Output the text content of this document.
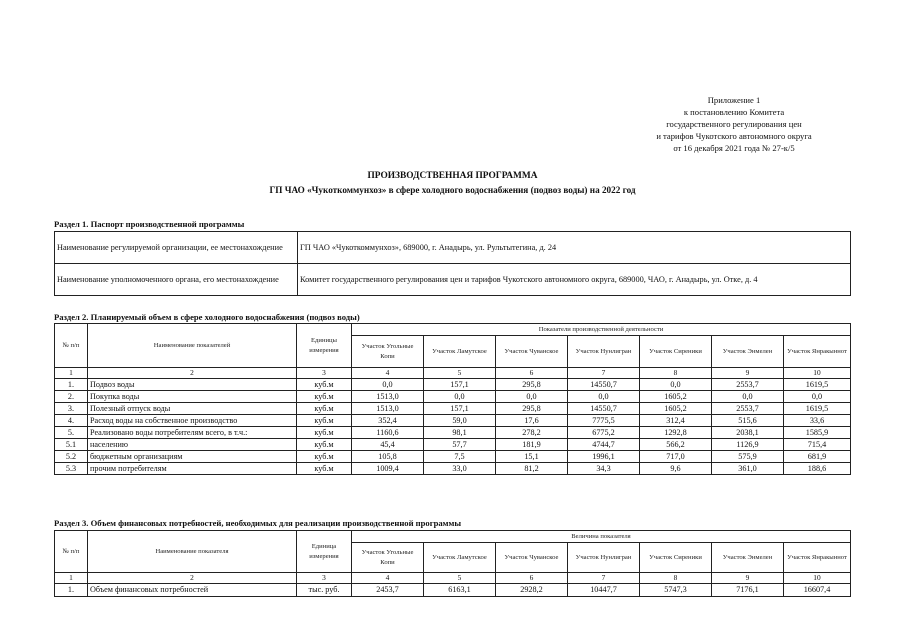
Приложение 1
к постановлению Комитета
государственного регулирования цен
и тарифов Чукотского автономного округа
от 16 декабря 2021 года № 27-к/5
ПРОИЗВОДСТВЕННАЯ ПРОГРАММА
ГП ЧАО «Чукоткоммунхоз» в сфере холодного водоснабжения (подвоз воды) на 2022 год
Раздел 1. Паспорт производственной программы
Наименование регулируемой организации, ее местонахождение	ГП ЧАО «Чукоткоммунхоз», 689000, г. Анадырь, ул. Рультытегина, д. 24
Наименование уполномоченного органа, его местонахождение	Комитет государственного регулирования цен и тарифов Чукотского автономного округа, 689000, ЧАО, г. Анадырь, ул. Отке, д. 4
Раздел 2. Планируемый объем в сфере холодного водоснабжения (подвоз воды)
№ п/п	Наименование показателей	Единицы измерения	Показатели производственной деятельности						
			Участок Угольные Копи	Участок Ламутское	Участок Чуванское	Участок Нунлигран	Участок Сиреники	Участок Энмелен	Участок Янракыннот
1	2	3	4	5	6	7	8	9	10
1.	Подвоз воды	куб.м	0,0	157,1	295,8	14550,7	0,0	2553,7	1619,5
2.	Покупка воды	куб.м	1513,0	0,0	0,0	0,0	1605,2	0,0	0,0
3.	Полезный отпуск воды	куб.м	1513,0	157,1	295,8	14550,7	1605,2	2553,7	1619,5
4.	Расход воды на собственное производство	куб.м	352,4	59,0	17,6	7775,5	312,4	515,6	33,6
5.	Реализовано воды потребителям всего, в т.ч.:	куб.м	1160,6	98,1	278,2	6775,2	1292,8	2038,1	1585,9
5.1	населению	куб.м	45,4	57,7	181,9	4744,7	566,2	1126,9	715,4
5.2	бюджетным организациям	куб.м	105,8	7,5	15,1	1996,1	717,0	575,9	681,9
5.3	прочим потребителям	куб.м	1009,4	33,0	81,2	34,3	9,6	361,0	188,6
Раздел 3. Объем финансовых потребностей, необходимых для реализации производственной программы
№ п/п	Наименование показателя	Единица измерения	Величина показателя						
			Участок Угольные Копи	Участок Ламутское	Участок Чуванское	Участок Нунлигран	Участок Сиреники	Участок Энмелен	Участок Янракыннот
1	2	3	4	5	6	7	8	9	10
1.	Объем финансовых потребностей	тыс. руб.	2453,7	6163,1	2928,2	10447,7	5747,3	7176,1	16607,4
